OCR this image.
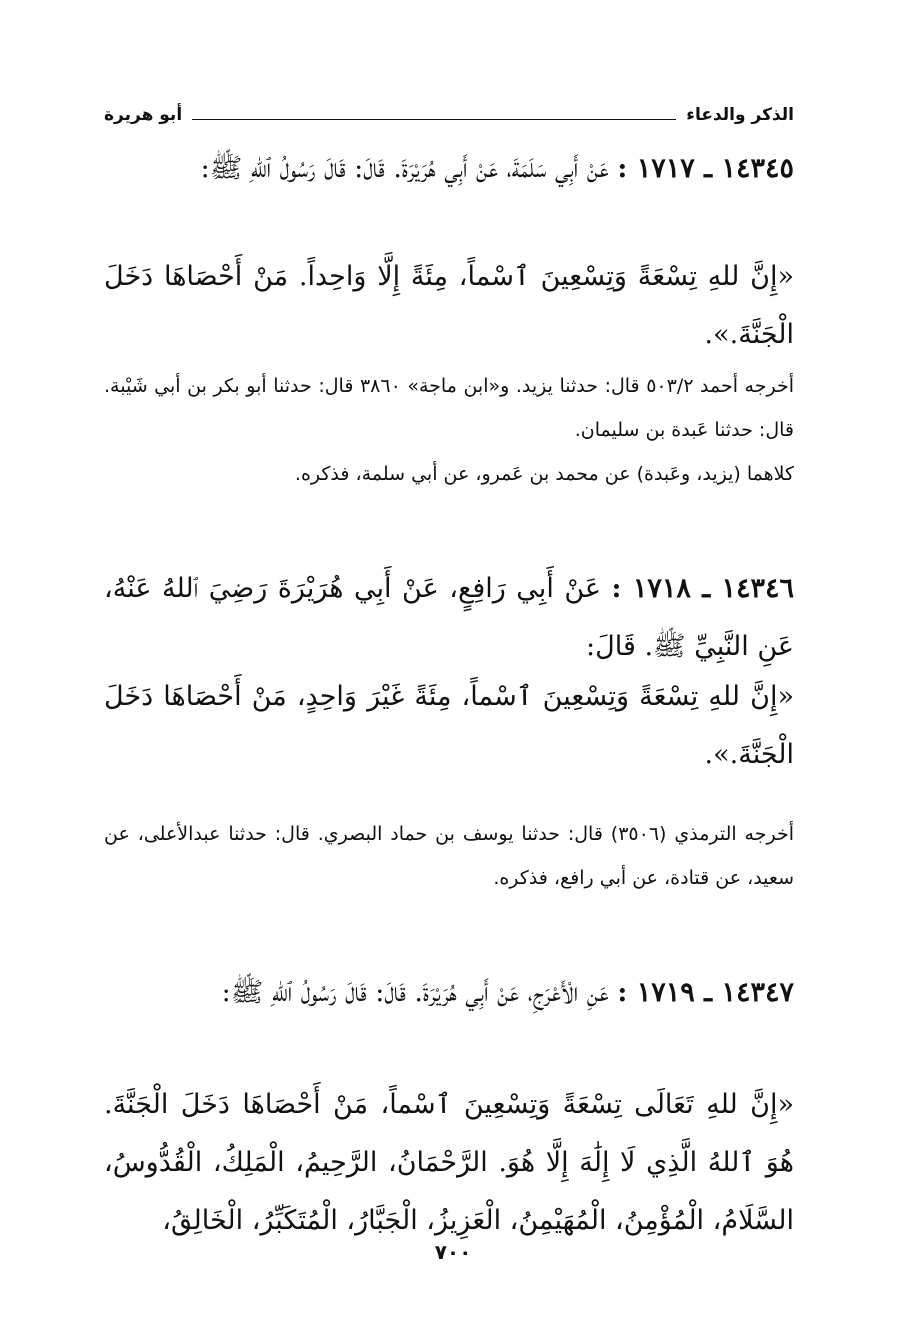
الذكر والدعاء
أبو هريرة

١٤٣٤٥ ـ ١٧١٧ : عَنْ أَبِي سَلَمَةَ، عَنْ أَبِي هُرَيْرَةَ. قَالَ: قَالَ رَسُولُ ٱللهِ ﷺ:

«إِنَّ للهِ تِسْعَةً وَتِسْعِينَ ٱسْماً، مِئَةً إِلَّا وَاحِداً. مَنْ أَحْصَاهَا دَخَلَ الْجَنَّةَ.».

أخرجه أحمد ٥٠٣/٢ قال: حدثنا يزيد. و«ابن ماجة» ٣٨٦٠ قال: حدثنا أبو بكر بن أبي شَيْبة. قال: حدثنا عَبدة بن سليمان.

كلاهما (يزيد، وعَبدة) عن محمد بن عَمرو، عن أبي سلمة، فذكره.

١٤٣٤٦ ـ ١٧١٨ : عَنْ أَبِي رَافِعٍ، عَنْ أَبِي هُرَيْرَةَ رَضِيَ ٱللهُ عَنْهُ، عَنِ النَّبِيِّ ﷺ. قَالَ:

«إِنَّ للهِ تِسْعَةً وَتِسْعِينَ ٱسْماً، مِئَةً غَيْرَ وَاحِدٍ، مَنْ أَحْصَاهَا دَخَلَ الْجَنَّةَ.».

أخرجه الترمذي (٣٥٠٦) قال: حدثنا يوسف بن حماد البصري. قال: حدثنا عبدالأعلى، عن سعيد، عن قتادة، عن أبي رافع، فذكره.

١٤٣٤٧ ـ ١٧١٩ : عَنِ الْأَعْرَجِ، عَنْ أَبِي هُرَيْرَةَ. قَالَ: قَالَ رَسُولُ ٱللهِ ﷺ:

«إِنَّ للهِ تَعَالَى تِسْعَةً وَتِسْعِينَ ٱسْماً، مَنْ أَحْصَاهَا دَخَلَ الْجَنَّةَ. هُوَ ٱللهُ الَّذِي لَا إِلَٰهَ إِلَّا هُوَ. الرَّحْمَانُ، الرَّحِيمُ، الْمَلِكُ، الْقُدُّوسُ، السَّلَامُ، الْمُؤْمِنُ، الْمُهَيْمِنُ، الْعَزِيزُ، الْجَبَّارُ، الْمُتَكَبِّرُ، الْخَالِقُ،

٧٠٠
